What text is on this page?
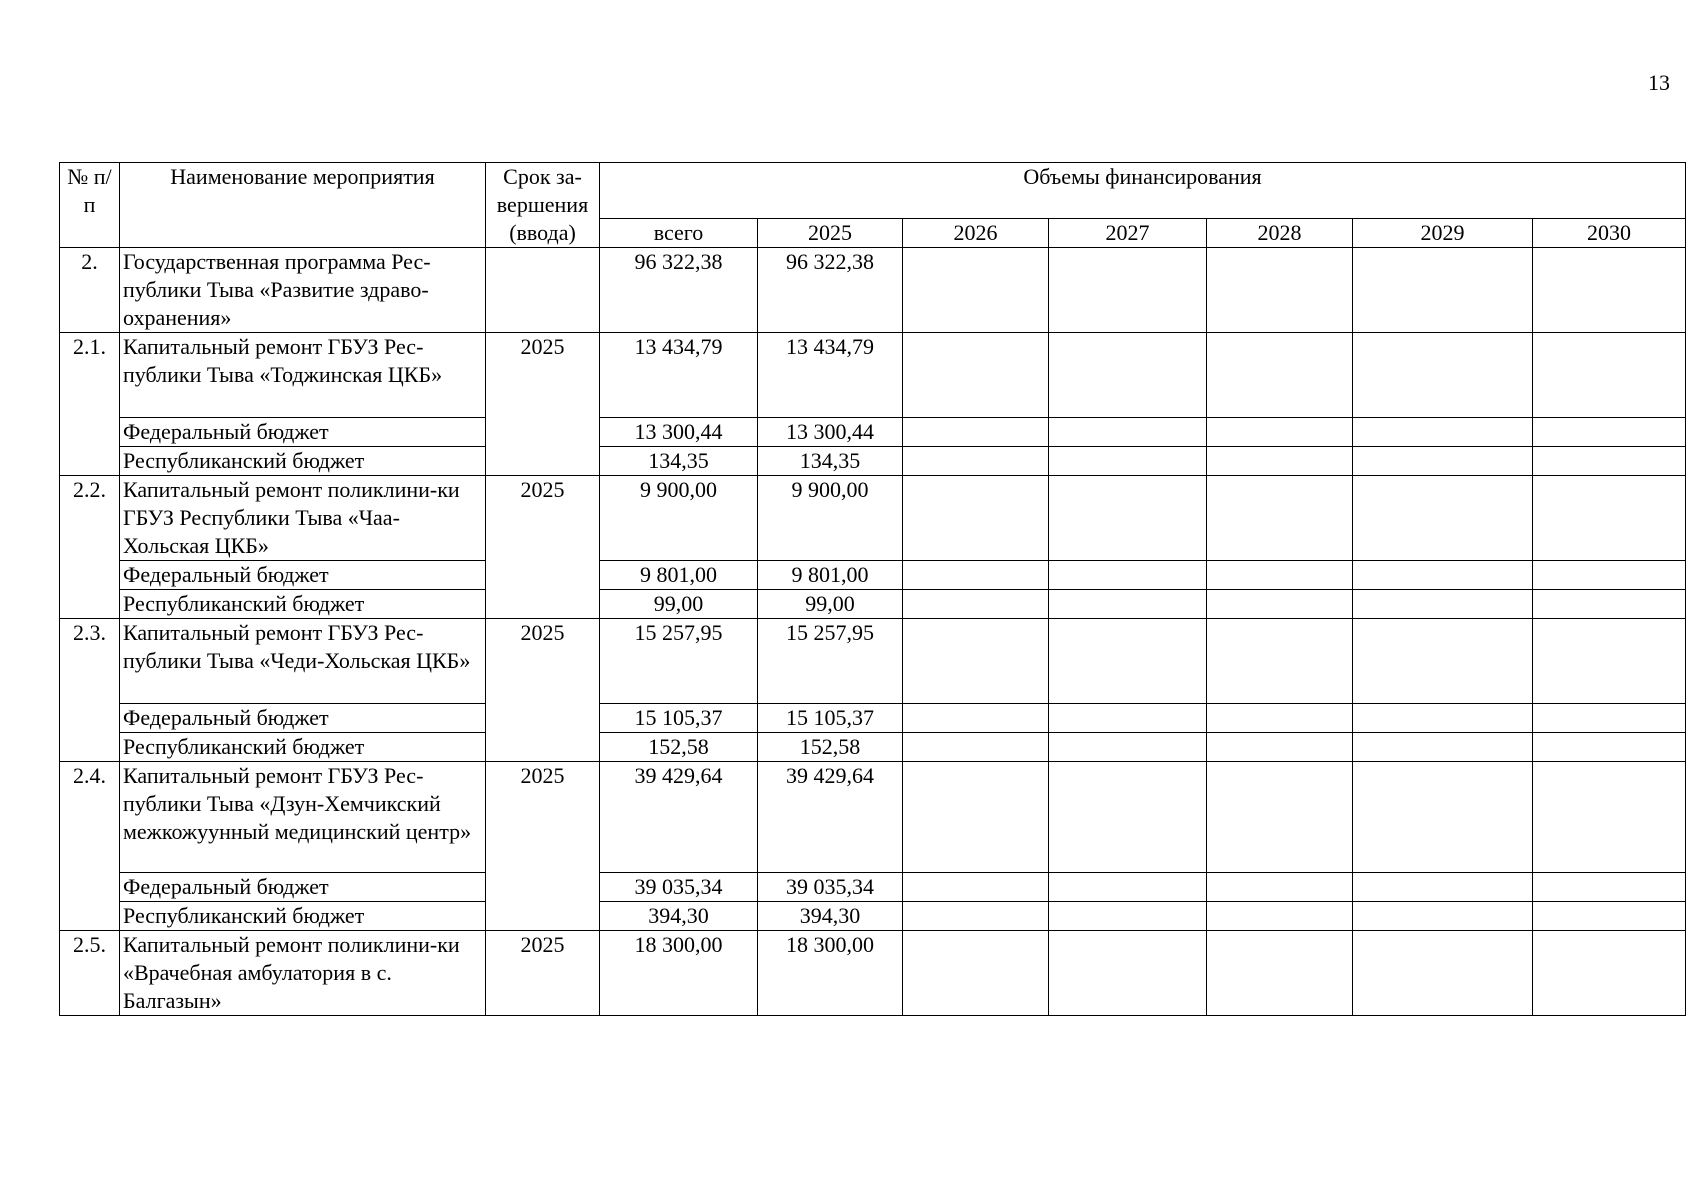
13
№ п/п	Наименование мероприятия	Срок за-вершения (ввода)	Объемы финансирования						
			всего	2025	2026	2027	2028	2029	2030
2.	Государственная программа Рес-публики Тыва «Развитие здраво-охранения»		96 322,38	96 322,38					
2.1.	Капитальный ремонт ГБУЗ Рес-публики Тыва «Тоджинская ЦКБ»	2025	13 434,79	13 434,79					
	Федеральный бюджет		13 300,44	13 300,44					
	Республиканский бюджет		134,35	134,35					
2.2.	Капитальный ремонт поликлини-ки ГБУЗ Республики Тыва «Чаа-Хольская ЦКБ»	2025	9 900,00	9 900,00					
	Федеральный бюджет		9 801,00	9 801,00					
	Республиканский бюджет		99,00	99,00					
2.3.	Капитальный ремонт ГБУЗ Рес-публики Тыва «Чеди-Хольская ЦКБ»	2025	15 257,95	15 257,95					
	Федеральный бюджет		15 105,37	15 105,37					
	Республиканский бюджет		152,58	152,58					
2.4.	Капитальный ремонт ГБУЗ Рес-публики Тыва «Дзун-Хемчикский межкожуунный медицинский центр»	2025	39 429,64	39 429,64					
	Федеральный бюджет		39 035,34	39 035,34					
	Республиканский бюджет		394,30	394,30					
2.5.	Капитальный ремонт поликлини-ки «Врачебная амбулатория в с. Балгазын»	2025	18 300,00	18 300,00					
